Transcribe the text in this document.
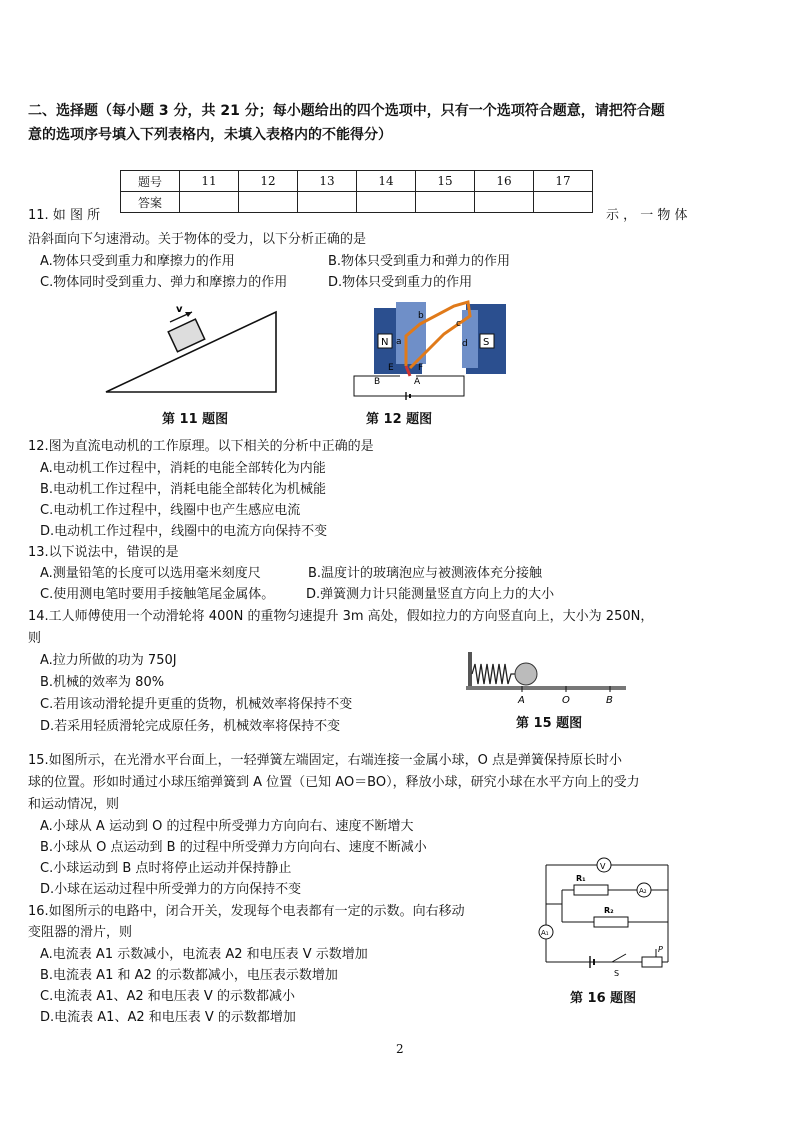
二、选择题（每小题 3 分，共 21 分；每小题给出的四个选项中，只有一个选项符合题意，请把符合题
意的选项序号填入下列表格内，未填入表格内的不能得分）
题号	11	12	13	14	15	16	17
答案							
11. 如 图 所	示 ， 一 物 体
沿斜面向下匀速滑动。关于物体的受力，以下分析正确的是
A.物体只受到重力和摩擦力的作用	B.物体只受到重力和弹力的作用
C.物体同时受到重力、弹力和摩擦力的作用	D.物体只受到重力的作用
v
第 11 题图
N	S
a
b
c
d
E	F
B	A
第 12 题图
12.图为直流电动机的工作原理。以下相关的分析中正确的是
A.电动机工作过程中，消耗的电能全部转化为内能
B.电动机工作过程中，消耗电能全部转化为机械能
C.电动机工作过程中，线圈中也产生感应电流
D.电动机工作过程中，线圈中的电流方向保持不变
13.以下说法中，错误的是
A.测量铅笔的长度可以选用毫米刻度尺	B.温度计的玻璃泡应与被测液体充分接触
C.使用测电笔时要用手接触笔尾金属体。 D.弹簧测力计只能测量竖直方向上力的大小
14.工人师傅使用一个动滑轮将 400N 的重物匀速提升 3m 高处，假如拉力的方向竖直向上，大小为 250N，
则
A.拉力所做的功为 750J
B.机械的效率为 80%
C.若用该动滑轮提升更重的货物，机械效率将保持不变
D.若采用轻质滑轮完成原任务，机械效率将保持不变
A	O	B
第 15 题图
15.如图所示，在光滑水平台面上，一轻弹簧左端固定，右端连接一金属小球，O 点是弹簧保持原长时小
球的位置。形如时通过小球压缩弹簧到 A 位置（已知 AO＝BO），释放小球，研究小球在水平方向上的受力
和运动情况，则
A.小球从 A 运动到 O 的过程中所受弹力方向向右、速度不断增大
B.小球从 O 点运动到 B 的过程中所受弹力方向向右、速度不断减小
C.小球运动到 B 点时将停止运动并保持静止
D.小球在运动过程中所受弹力的方向保持不变
16.如图所示的电路中，闭合开关，发现每个电表都有一定的示数。向右移动
变阻器的滑片，则
A.电流表 A1 示数减小，电流表 A2 和电压表 V 示数增加
B.电流表 A1 和 A2 的示数都减小，电压表示数增加
C.电流表 A1、A2 和电压表 V 的示数都减小
D.电流表 A1、A2 和电压表 V 的示数都增加
V
R₁
R₂
A₂
A₁
S
P
第 16 题图
2
